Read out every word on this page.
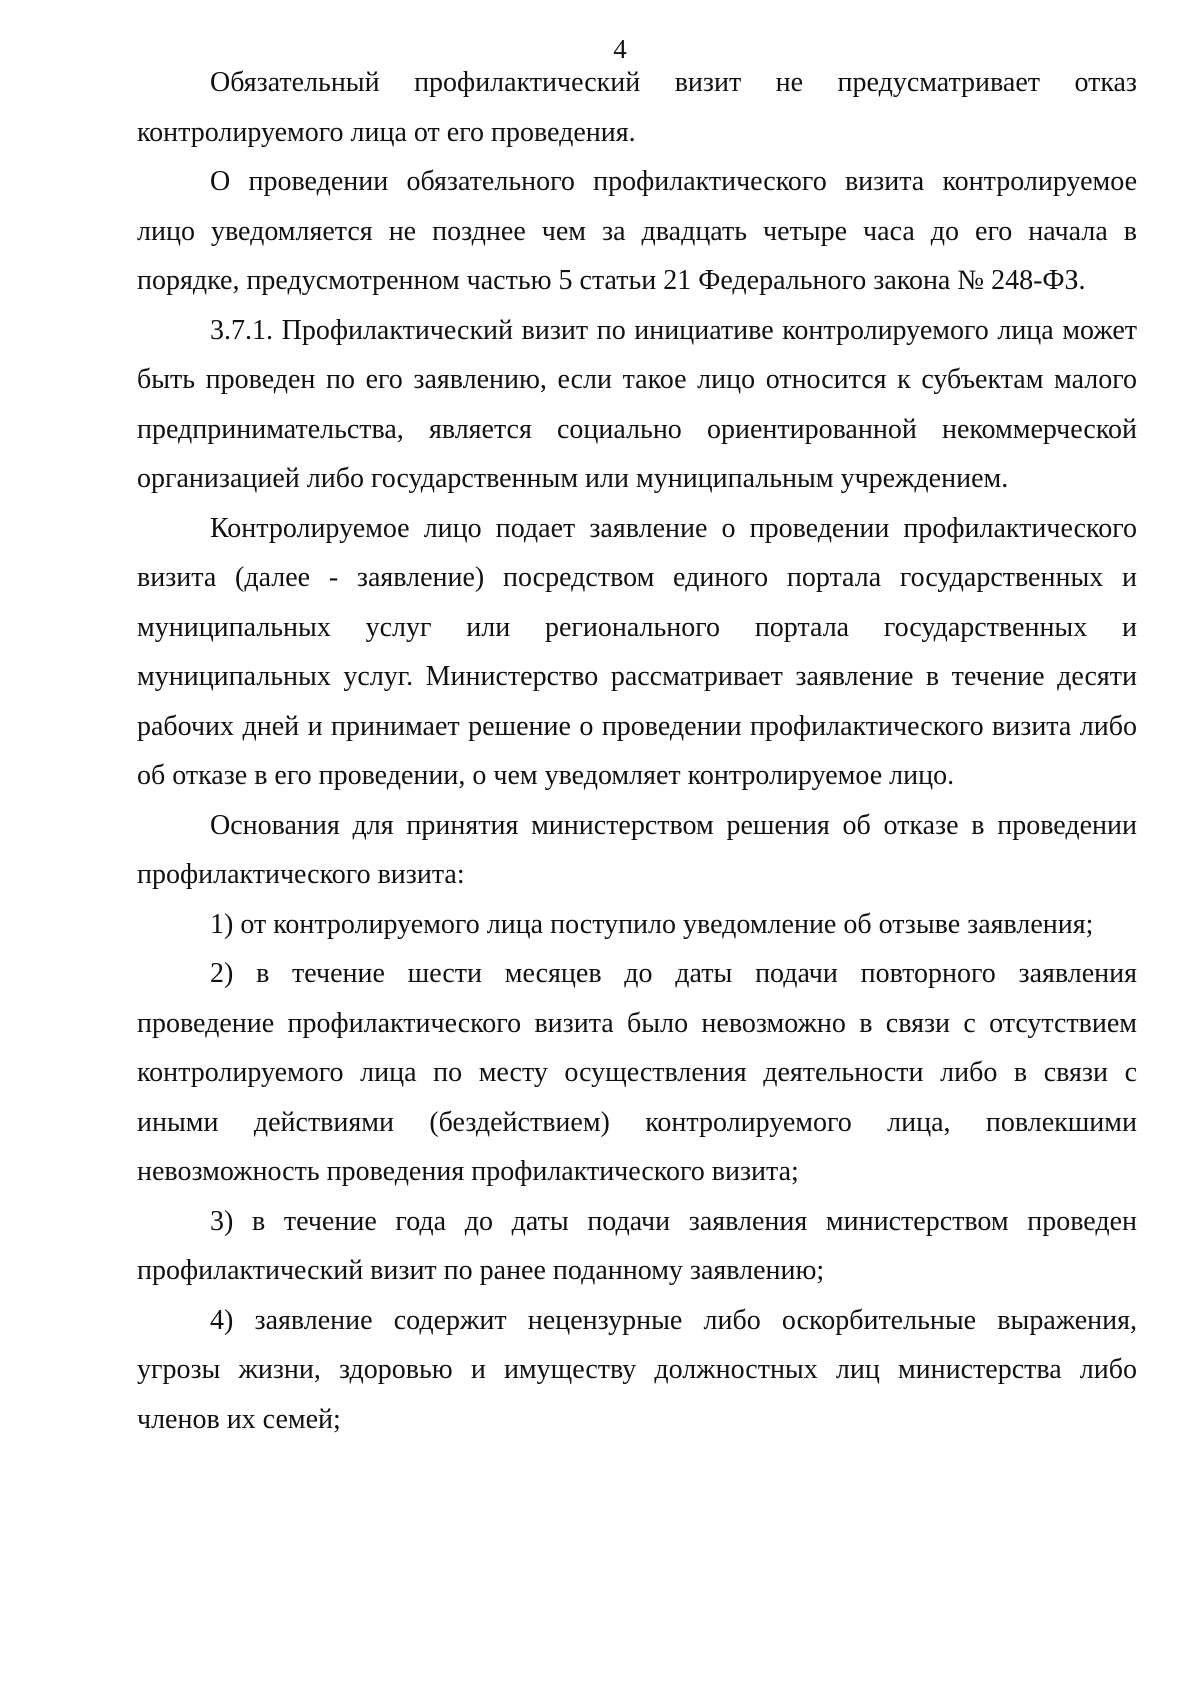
4

Обязательный профилактический визит не предусматривает отказ контролируемого лица от его проведения.

О проведении обязательного профилактического визита контролируемое лицо уведомляется не позднее чем за двадцать четыре часа до его начала в порядке, предусмотренном частью 5 статьи 21 Федерального закона № 248-ФЗ.

3.7.1. Профилактический визит по инициативе контролируемого лица может быть проведен по его заявлению, если такое лицо относится к субъектам малого предпринимательства, является социально ориентированной некоммерческой организацией либо государственным или муниципальным учреждением.

Контролируемое лицо подает заявление о проведении профилактического визита (далее - заявление) посредством единого портала государственных и муниципальных услуг или регионального портала государственных и муниципальных услуг. Министерство рассматривает заявление в течение десяти рабочих дней и принимает решение о проведении профилактического визита либо об отказе в его проведении, о чем уведомляет контролируемое лицо.

Основания для принятия министерством решения об отказе в проведении профилактического визита:

1) от контролируемого лица поступило уведомление об отзыве заявления;

2) в течение шести месяцев до даты подачи повторного заявления проведение профилактического визита было невозможно в связи с отсутствием контролируемого лица по месту осуществления деятельности либо в связи с иными действиями (бездействием) контролируемого лица, повлекшими невозможность проведения профилактического визита;

3) в течение года до даты подачи заявления министерством проведен профилактический визит по ранее поданному заявлению;

4) заявление содержит нецензурные либо оскорбительные выражения, угрозы жизни, здоровью и имуществу должностных лиц министерства либо членов их семей;
